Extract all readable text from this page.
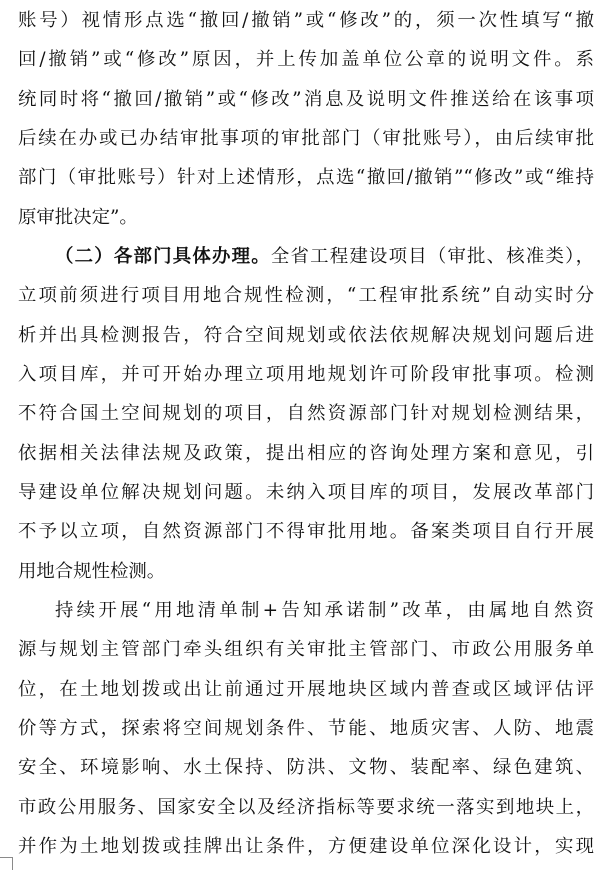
账号）视情形点选“撤回/撤销”或“修改”的，须一次性填写“撤
回/撤销”或“修改”原因，并上传加盖单位公章的说明文件。系
统同时将“撤回/撤销”或“修改”消息及说明文件推送给在该事项
后续在办或已办结审批事项的审批部门（审批账号），由后续审批
部门（审批账号）针对上述情形，点选“撤回/撤销”“修改”或“维持
原审批决定”。
（二）各部门具体办理。全省工程建设项目（审批、核准类），
立项前须进行项目用地合规性检测，“工程审批系统”自动实时分
析并出具检测报告，符合空间规划或依法依规解决规划问题后进
入项目库，并可开始办理立项用地规划许可阶段审批事项。检测
不符合国土空间规划的项目，自然资源部门针对规划检测结果，
依据相关法律法规及政策，提出相应的咨询处理方案和意见，引
导建设单位解决规划问题。未纳入项目库的项目，发展改革部门
不予以立项，自然资源部门不得审批用地。备案类项目自行开展
用地合规性检测。
持续开展“用地清单制+告知承诺制”改革，由属地自然资
源与规划主管部门牵头组织有关审批主管部门、市政公用服务单
位，在土地划拨或出让前通过开展地块区域内普查或区域评估评
价等方式，探索将空间规划条件、节能、地质灾害、人防、地震
安全、环境影响、水土保持、防洪、文物、装配率、绿色建筑、
市政公用服务、国家安全以及经济指标等要求统一落实到地块上，
并作为土地划拨或挂牌出让条件，方便建设单位深化设计，实现
